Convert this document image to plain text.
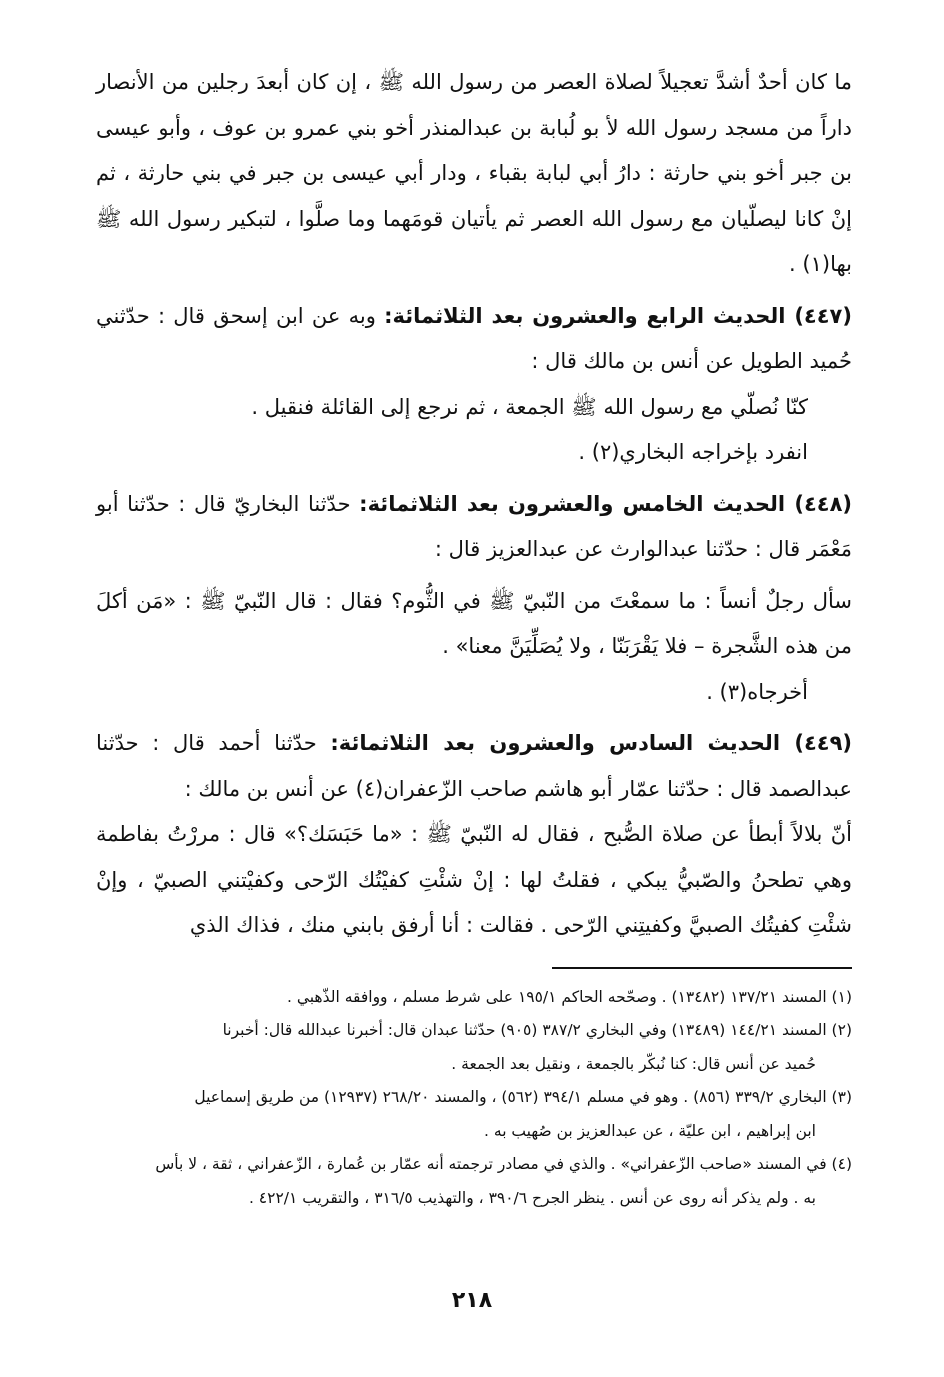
ما كان أحدٌ أشدَّ تعجيلاً لصلاة العصر من رسول الله ﷺ ، إن كان أبعدَ رجلين من الأنصار داراً من مسجد رسول الله لأ بو لُبابة بن عبدالمنذر أخو بني عمرو بن عوف ، وأبو عيسى بن جبر أخو بني حارثة : دارُ أبي لبابة بقباء ، ودار أبي عيسى بن جبر في بني حارثة ، ثم إنْ كانا ليصلّيان مع رسول الله العصر ثم يأتيان قومَهما وما صلَّوا ، لتبكير رسول الله ﷺ بها(١) .

(٤٤٧) الحديث الرابع والعشرون بعد الثلاثمائة: وبه عن ابن إسحق قال : حدّثني حُميد الطويل عن أنس بن مالك قال :

كنّا نُصلّي مع رسول الله ﷺ الجمعة ، ثم نرجع إلى القائلة فنقيل .

انفرد بإخراجه البخاري(٢) .

(٤٤٨) الحديث الخامس والعشرون بعد الثلاثمائة: حدّثنا البخاريّ قال : حدّثنا أبو مَعْمَر قال : حدّثنا عبدالوارث عن عبدالعزيز قال :

سأل رجلٌ أنساً : ما سمعْتَ من النّبيّ ﷺ في الثُّوم؟ فقال : قال النّبيّ ﷺ : «مَن أكلَ من هذه الشَّجرة – فلا يَقْرَبَنّا ، ولا يُصَلِّيَنَّ معنا» .

أخرجاه(٣) .

(٤٤٩) الحديث السادس والعشرون بعد الثلاثمائة: حدّثنا أحمد قال : حدّثنا عبدالصمد قال : حدّثنا عمّار أبو هاشم صاحب الزّعفران(٤) عن أنس بن مالك :

أنّ بلالاً أبطأ عن صلاة الصُّبح ، فقال له النّبيّ ﷺ : «ما حَبَسَك؟» قال : مررْتُ بفاطمة وهي تطحنُ والصّبيُّ يبكي ، فقلتُ لها : إنْ شئْتِ كفيْتُك الرّحى وكفيْتني الصبيّ ، وإنْ شئْتِ كفيتُك الصبيَّ وكفيتِني الرّحى . فقالت : أنا أرفق بابني منك ، فذاك الذي

(١) المسند ١٣٧/٢١ (١٣٤٨٢) . وصحّحه الحاكم ١٩٥/١ على شرط مسلم ، ووافقه الذّهبي .

(٢) المسند ١٤٤/٢١ (١٣٤٨٩) وفي البخاري ٣٨٧/٢ (٩٠٥) حدّثنا عبدان قال: أخبرنا عبدالله قال: أخبرنا

حُميد عن أنس قال: كنا نُبكّر بالجمعة ، ونقيل بعد الجمعة .

(٣) البخاري ٣٣٩/٢ (٨٥٦) . وهو في مسلم ٣٩٤/١ (٥٦٢) ، والمسند ٢٦٨/٢٠ (١٢٩٣٧) من طريق إسماعيل

ابن إبراهيم ، ابن عليّة ، عن عبدالعزيز بن صُهيب به .

(٤) في المسند «صاحب الزّعفراني» . والذي في مصادر ترجمته أنه عمّار بن عُمارة ، الزّعفراني ، ثقة ، لا بأس

به . ولم يذكر أنه روى عن أنس . ينظر الجرح ٣٩٠/٦ ، والتهذيب ٣١٦/٥ ، والتقريب ٤٢٢/١ .

٢١٨
